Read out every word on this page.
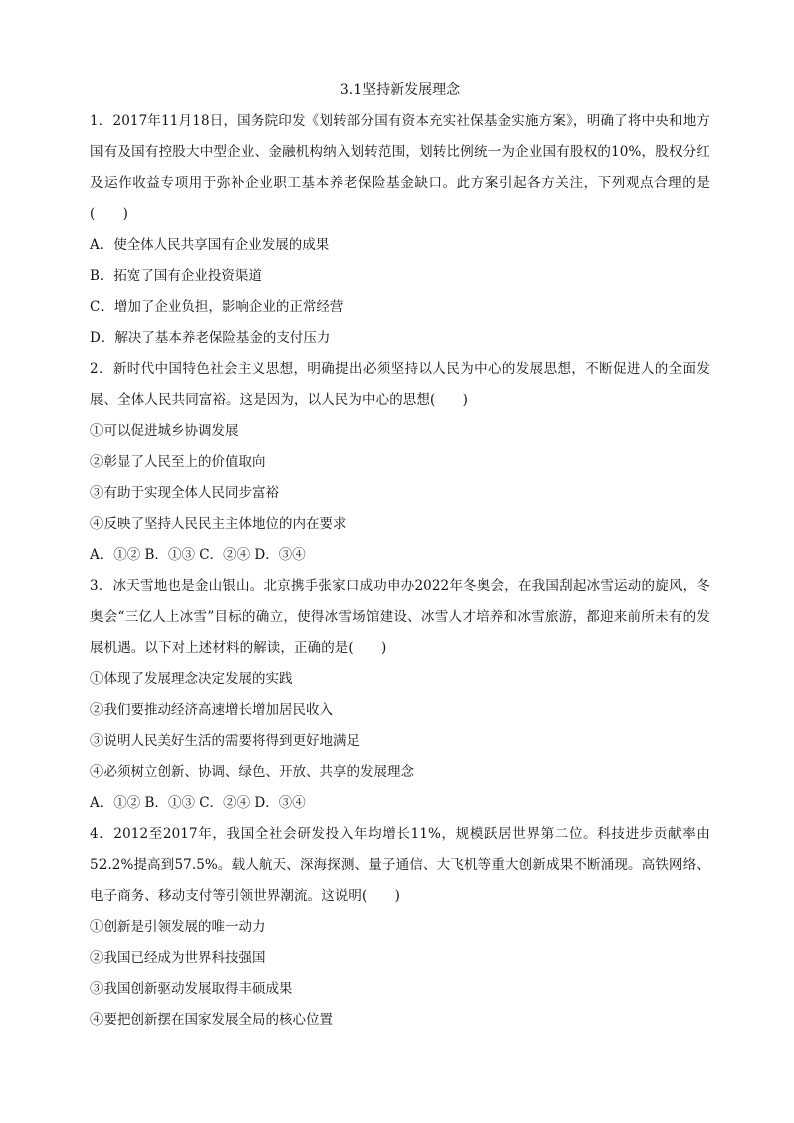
3.1坚持新发展理念

1．2017年11月18日，国务院印发《划转部分国有资本充实社保基金实施方案》，明确了将中央和地方国有及国有控股大中型企业、金融机构纳入划转范围，划转比例统一为企业国有股权的10%，股权分红及运作收益专项用于弥补企业职工基本养老保险基金缺口。此方案引起各方关注，下列观点合理的是(　　)

A．使全体人民共享国有企业发展的成果

B．拓宽了国有企业投资渠道

C．增加了企业负担，影响企业的正常经营

D．解决了基本养老保险基金的支付压力

2．新时代中国特色社会主义思想，明确提出必须坚持以人民为中心的发展思想，不断促进人的全面发展、全体人民共同富裕。这是因为，以人民为中心的思想(　　)

①可以促进城乡协调发展

②彰显了人民至上的价值取向

③有助于实现全体人民同步富裕

④反映了坚持人民民主主体地位的内在要求

A．①② B．①③ C．②④ D．③④

3．冰天雪地也是金山银山。北京携手张家口成功申办2022年冬奥会，在我国刮起冰雪运动的旋风，冬奥会“三亿人上冰雪”目标的确立，使得冰雪场馆建设、冰雪人才培养和冰雪旅游，都迎来前所未有的发展机遇。以下对上述材料的解读，正确的是(　　)

①体现了发展理念决定发展的实践

②我们要推动经济高速增长增加居民收入

③说明人民美好生活的需要将得到更好地满足

④必须树立创新、协调、绿色、开放、共享的发展理念

A．①② B．①③ C．②④ D．③④

4．2012至2017年，我国全社会研发投入年均增长11%，规模跃居世界第二位。科技进步贡献率由52.2%提高到57.5%。载人航天、深海探测、量子通信、大飞机等重大创新成果不断涌现。高铁网络、电子商务、移动支付等引领世界潮流。这说明(　　)

①创新是引领发展的唯一动力

②我国已经成为世界科技强国

③我国创新驱动发展取得丰硕成果

④要把创新摆在国家发展全局的核心位置
